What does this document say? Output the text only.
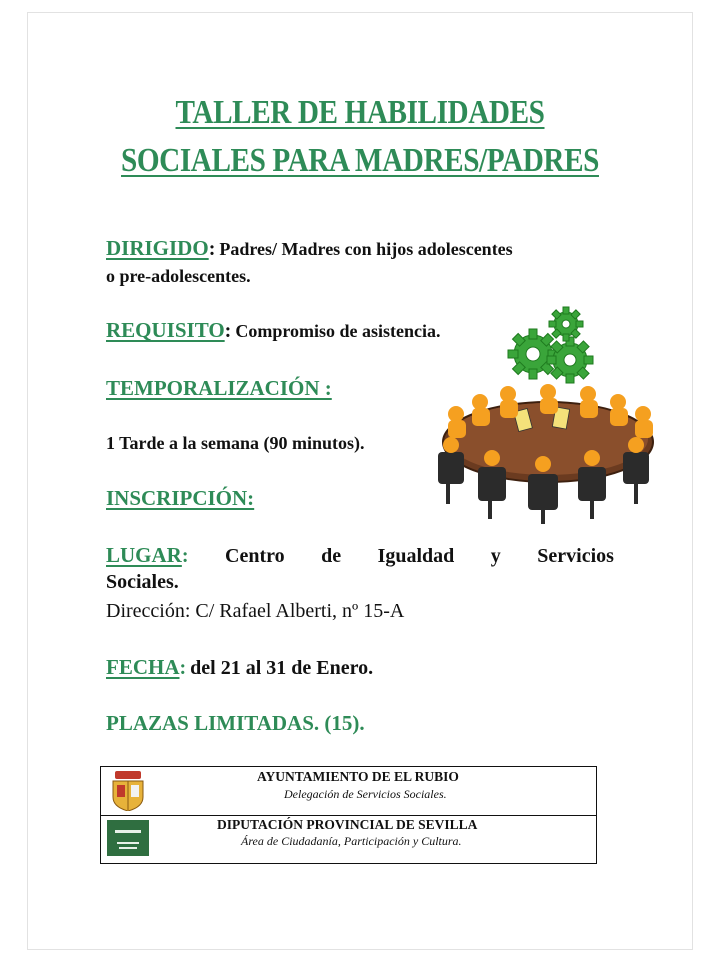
TALLER DE HABILIDADES
SOCIALES PARA MADRES/PADRES
DIRIGIDO: Padres/ Madres con hijos adolescentes
o pre-adolescentes.
REQUISITO: Compromiso de asistencia.
TEMPORALIZACIÓN :
1 Tarde a la semana (90 minutos).
INSCRIPCIÓN:
LUGAR: Centro de Igualdad y Servicios
Sociales.
Dirección: C/ Rafael Alberti, nº 15-A
FECHA: del 21 al 31 de Enero.
PLAZAS LIMITADAS. (15).
AYUNTAMIENTO DE EL RUBIO
Delegación de Servicios Sociales.
DIPUTACIÓN PROVINCIAL DE SEVILLA
Área de Ciudadanía, Participación y Cultura.
